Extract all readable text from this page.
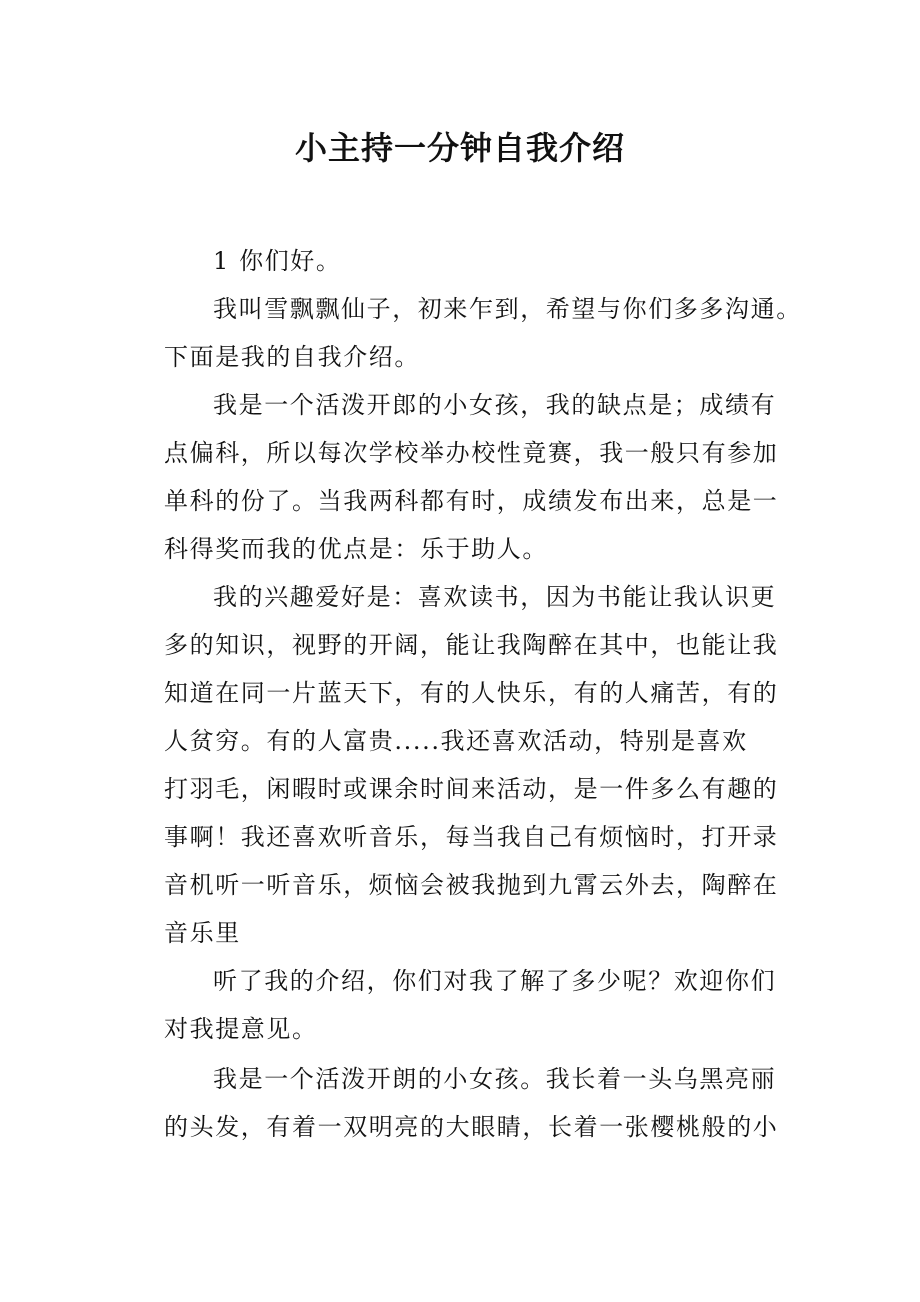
小主持一分钟自我介绍

1 你们好。

我叫雪飘飘仙子，初来乍到，希望与你们多多沟通。

下面是我的自我介绍。

我是一个活泼开郎的小女孩，我的缺点是；成绩有

点偏科，所以每次学校举办校性竟赛，我一般只有参加

单科的份了。当我两科都有时，成绩发布出来，总是一

科得奖而我的优点是：乐于助人。

我的兴趣爱好是：喜欢读书，因为书能让我认识更

多的知识，视野的开阔，能让我陶醉在其中，也能让我

知道在同一片蓝天下，有的人快乐，有的人痛苦，有的

人贫穷。有的人富贵.....我还喜欢活动，特别是喜欢

打羽毛，闲暇时或课余时间来活动，是一件多么有趣的

事啊！我还喜欢听音乐，每当我自己有烦恼时，打开录

音机听一听音乐，烦恼会被我抛到九霄云外去，陶醉在

音乐里

听了我的介绍，你们对我了解了多少呢？欢迎你们

对我提意见。

我是一个活泼开朗的小女孩。我长着一头乌黑亮丽

的头发，有着一双明亮的大眼睛，长着一张樱桃般的小
